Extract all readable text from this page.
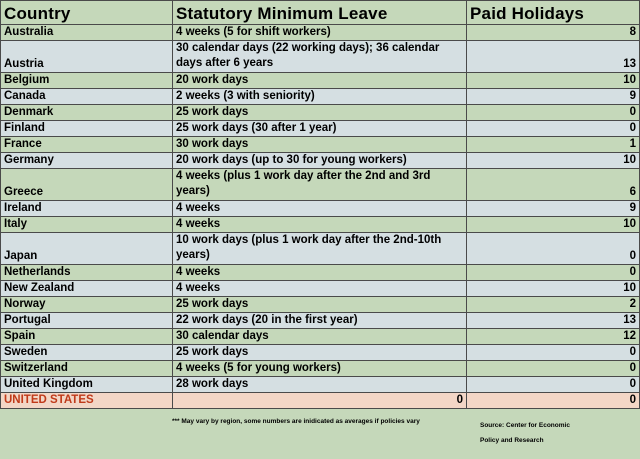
Country	Statutory Minimum Leave	Paid Holidays
Australia	4 weeks (5 for shift workers)	8
Austria	30 calendar days (22 working days); 36 calendar days after 6 years	13
Belgium	20 work days	10
Canada	2 weeks (3 with seniority)	9
Denmark	25 work days	0
Finland	25 work days (30 after 1 year)	0
France	30 work days	1
Germany	20 work days (up to 30 for young workers)	10
Greece	4 weeks (plus 1 work day after the 2nd and 3rd years)	6
Ireland	4 weeks	9
Italy	4 weeks	10
Japan	10 work days (plus 1 work day after the 2nd-10th years)	0
Netherlands	4 weeks	0
New Zealand	4 weeks	10
Norway	25 work days	2
Portugal	22 work days (20 in the first year)	13
Spain	30 calendar days	12
Sweden	25 work days	0
Switzerland	4 weeks (5 for young workers)	0
United Kingdom	28 work days	0
UNITED STATES	0	0
*** May vary by region, some numbers are inidicated as averages if policies vary
Source: Center for Economic Policy and Research
